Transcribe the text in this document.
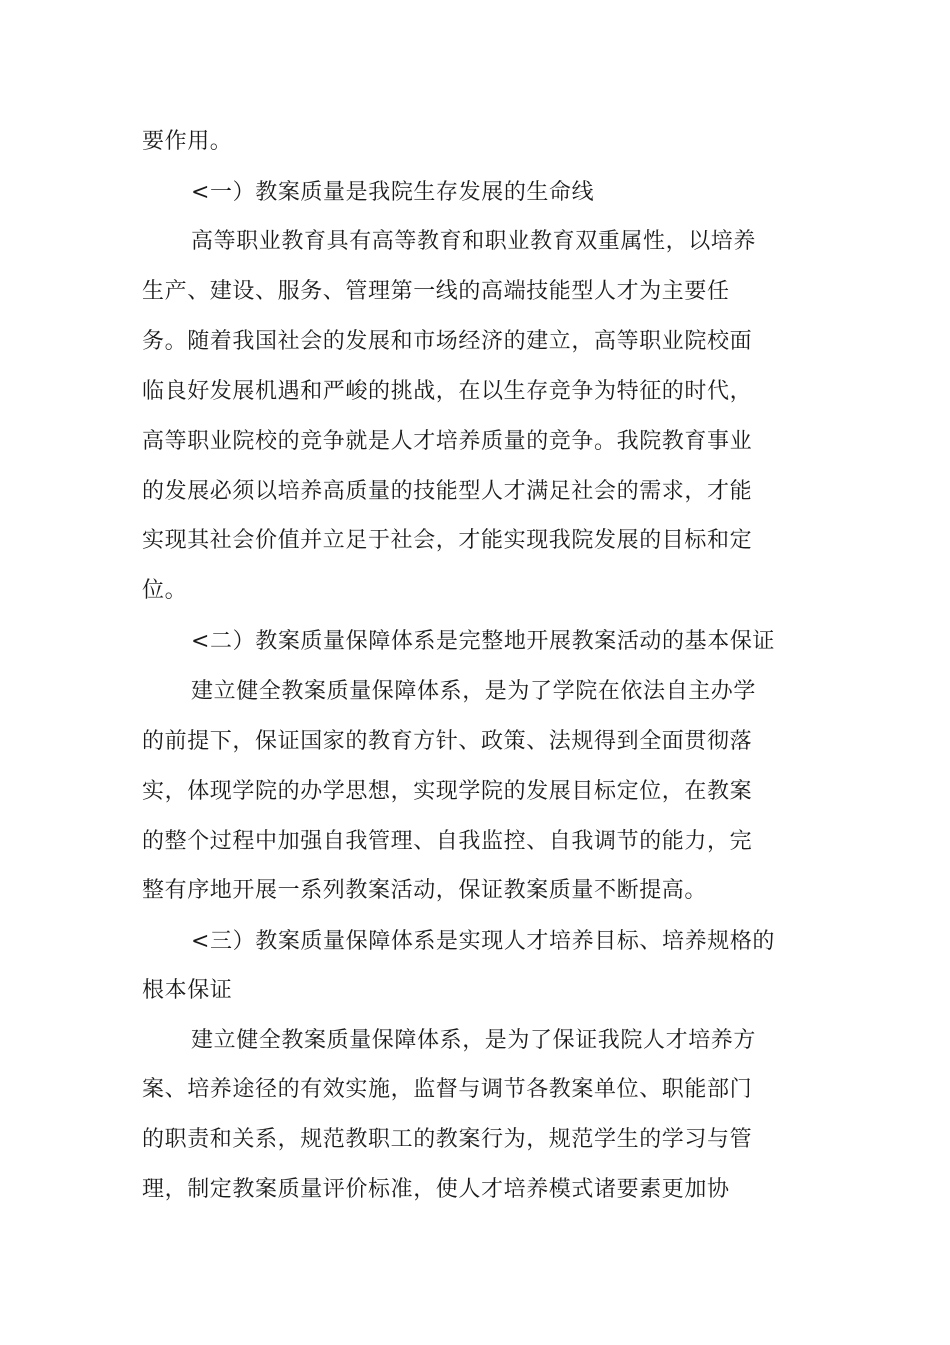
要作用。
<一）教案质量是我院生存发展的生命线
高等职业教育具有高等教育和职业教育双重属性，以培养
生产、建设、服务、管理第一线的高端技能型人才为主要任
务。随着我国社会的发展和市场经济的建立，高等职业院校面
临良好发展机遇和严峻的挑战，在以生存竞争为特征的时代，
高等职业院校的竞争就是人才培养质量的竞争。我院教育事业
的发展必须以培养高质量的技能型人才满足社会的需求，才能
实现其社会价值并立足于社会，才能实现我院发展的目标和定
位。
<二）教案质量保障体系是完整地开展教案活动的基本保证
建立健全教案质量保障体系，是为了学院在依法自主办学
的前提下，保证国家的教育方针、政策、法规得到全面贯彻落
实，体现学院的办学思想，实现学院的发展目标定位，在教案
的整个过程中加强自我管理、自我监控、自我调节的能力，完
整有序地开展一系列教案活动，保证教案质量不断提高。
<三）教案质量保障体系是实现人才培养目标、培养规格的
根本保证
建立健全教案质量保障体系，是为了保证我院人才培养方
案、培养途径的有效实施，监督与调节各教案单位、职能部门
的职责和关系，规范教职工的教案行为，规范学生的学习与管
理，制定教案质量评价标准，使人才培养模式诸要素更加协
